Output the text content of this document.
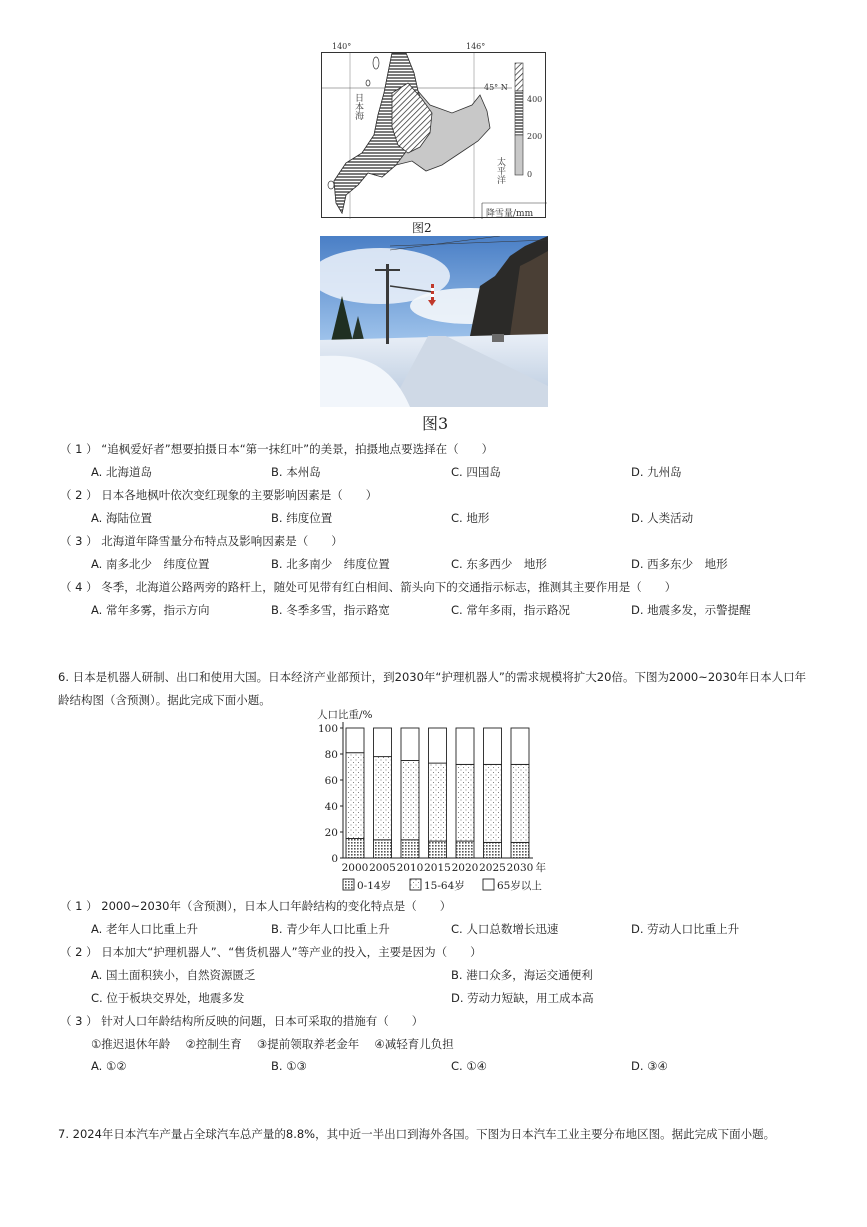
140°	146°
45° N
日本海
太平洋
400
200
0
降雪量/mm
图2
图3
（ 1 ） “追枫爱好者”想要拍摄日本“第一抹红叶”的美景，拍摄地点要选择在（　　）
A. 北海道岛	B. 本州岛	C. 四国岛	D. 九州岛
（ 2 ） 日本各地枫叶依次变红现象的主要影响因素是（　　）
A. 海陆位置	B. 纬度位置	C. 地形	D. 人类活动
（ 3 ） 北海道年降雪量分布特点及影响因素是（　　）
A. 南多北少　纬度位置	B. 北多南少　纬度位置	C. 东多西少　地形	D. 西多东少　地形
（ 4 ） 冬季，北海道公路两旁的路杆上，随处可见带有红白相间、箭头向下的交通指示标志，推测其主要作用是（　　）
A. 常年多雾，指示方向	B. 冬季多雪，指示路宽	C. 常年多雨，指示路况	D. 地震多发，示警提醒
6. 日本是机器人研制、出口和使用大国。日本经济产业部预计，到2030年“护理机器人”的需求规模将扩大20倍。下图为2000~2030年日本人口年
龄结构图（含预测）。据此完成下面小题。
人口比重/%
100
80
60
40
20
0
2000 2005 2010 2015 2020 2025 2030 年
0-14岁	15-64岁	65岁以上
（ 1 ） 2000~2030年（含预测），日本人口年龄结构的变化特点是（　　）
A. 老年人口比重上升	B. 青少年人口比重上升	C. 人口总数增长迅速	D. 劳动人口比重上升
（ 2 ） 日本加大“护理机器人”、“售货机器人”等产业的投入，主要是因为（　　）
A. 国土面积狭小，自然资源匮乏	B. 港口众多，海运交通便利
C. 位于板块交界处，地震多发	D. 劳动力短缺，用工成本高
（ 3 ） 针对人口年龄结构所反映的问题，日本可采取的措施有（　　）
①推迟退休年龄　 ②控制生育　 ③提前领取养老金年　 ④减轻育儿负担
A. ①②	B. ①③	C. ①④	D. ③④
7. 2024年日本汽车产量占全球汽车总产量的8.8%，其中近一半出口到海外各国。下图为日本汽车工业主要分布地区图。据此完成下面小题。
